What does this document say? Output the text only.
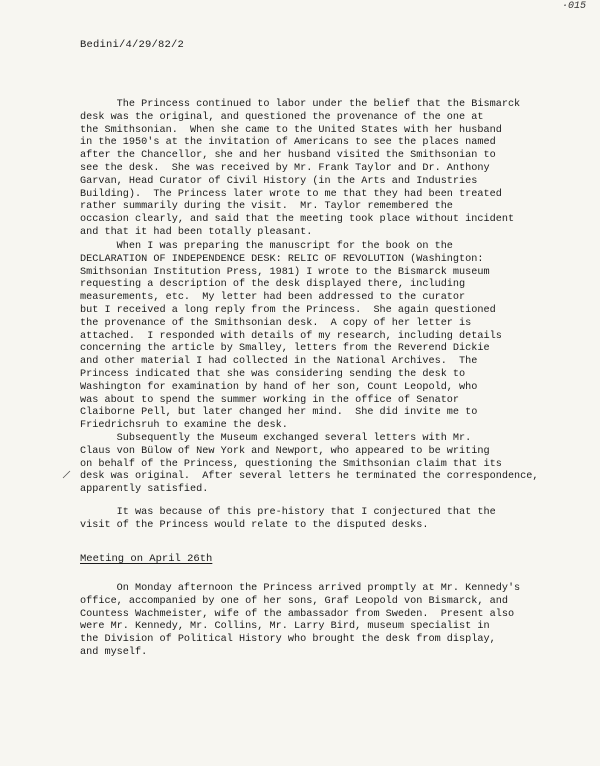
·015
Bedini/4/29/82/2
The Princess continued to labor under the belief that the Bismarck
desk was the original, and questioned the provenance of the one at
the Smithsonian.  When she came to the United States with her husband
in the 1950's at the invitation of Americans to see the places named
after the Chancellor, she and her husband visited the Smithsonian to
see the desk.  She was received by Mr. Frank Taylor and Dr. Anthony
Garvan, Head Curator of Civil History (in the Arts and Industries
Building).  The Princess later wrote to me that they had been treated
rather summarily during the visit.  Mr. Taylor remembered the
occasion clearly, and said that the meeting took place without incident
and that it had been totally pleasant.
When I was preparing the manuscript for the book on the
DECLARATION OF INDEPENDENCE DESK: RELIC OF REVOLUTION (Washington:
Smithsonian Institution Press, 1981) I wrote to the Bismarck museum
requesting a description of the desk displayed there, including
measurements, etc.  My letter had been addressed to the curator
but I received a long reply from the Princess.  She again questioned
the provenance of the Smithsonian desk.  A copy of her letter is
attached.  I responded with details of my research, including details
concerning the article by Smalley, letters from the Reverend Dickie
and other material I had collected in the National Archives.  The
Princess indicated that she was considering sending the desk to
Washington for examination by hand of her son, Count Leopold, who
was about to spend the summer working in the office of Senator
Claiborne Pell, but later changed her mind.  She did invite me to
Friedrichsruh to examine the desk.
Subsequently the Museum exchanged several letters with Mr.
Claus von Bülow of New York and Newport, who appeared to be writing
on behalf of the Princess, questioning the Smithsonian claim that its
desk was original.  After several letters he terminated the correspondence,
apparently satisfied.
It was because of this pre-history that I conjectured that the
visit of the Princess would relate to the disputed desks.
Meeting on April 26th
On Monday afternoon the Princess arrived promptly at Mr. Kennedy's
office, accompanied by one of her sons, Graf Leopold von Bismarck, and
Countess Wachmeister, wife of the ambassador from Sweden.  Present also
were Mr. Kennedy, Mr. Collins, Mr. Larry Bird, museum specialist in
the Division of Political History who brought the desk from display,
and myself.
